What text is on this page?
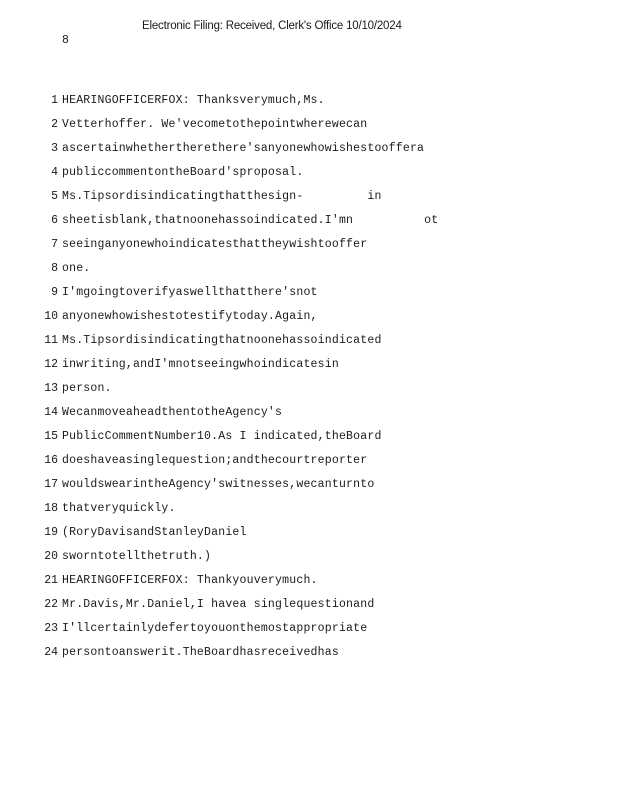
Electronic Filing: Received, Clerk's Office 10/10/2024
8
1 HEARINGOFFICERFOX: Thanksverymuch,Ms.
2 Vetterhoffer. We'vecometothepointwherewecan
3 ascertainwhethertherethere'sanyonewhowishestooffera
4 publiccommentontheBoard'sproposal.
5 Ms.Tipsordisindicatingthatthesign-         in
6 sheetisblank,thatnoonehassoindicated.I'mn          ot
7 seeinganyonewhoindicatesthattheywishtooffer
8 one.
9 I'mgoingtoverifyaswellthatthere'snot
10 anyonewhowishestotestifytoday.Again,
11 Ms.Tipsordisindicatingthatnoonehassoindicated
12 inwriting,andI'mnotseeingwhoindicatesin
13 person.
14 WecanmoveaheadthentotheAgency's
15 PublicCommentNumber10.As I indicated,theBoard
16 doeshaveasinglequestion;andthecourtreporter
17 wouldswearintheAgency'switnesses,wecanturnto
18 thatveryquickly.
19 (RoryDavisandStanleyDaniel
20 sworntotellthetruth.)
21 HEARINGOFFICERFOX: Thankyouverymuch.
22 Mr.Davis,Mr.Daniel,I havea singlequestionand
23 I'llcertainlydefertoyouonthemostappropriate
24 persontoanswerit.TheBoardhasreceivedhas
